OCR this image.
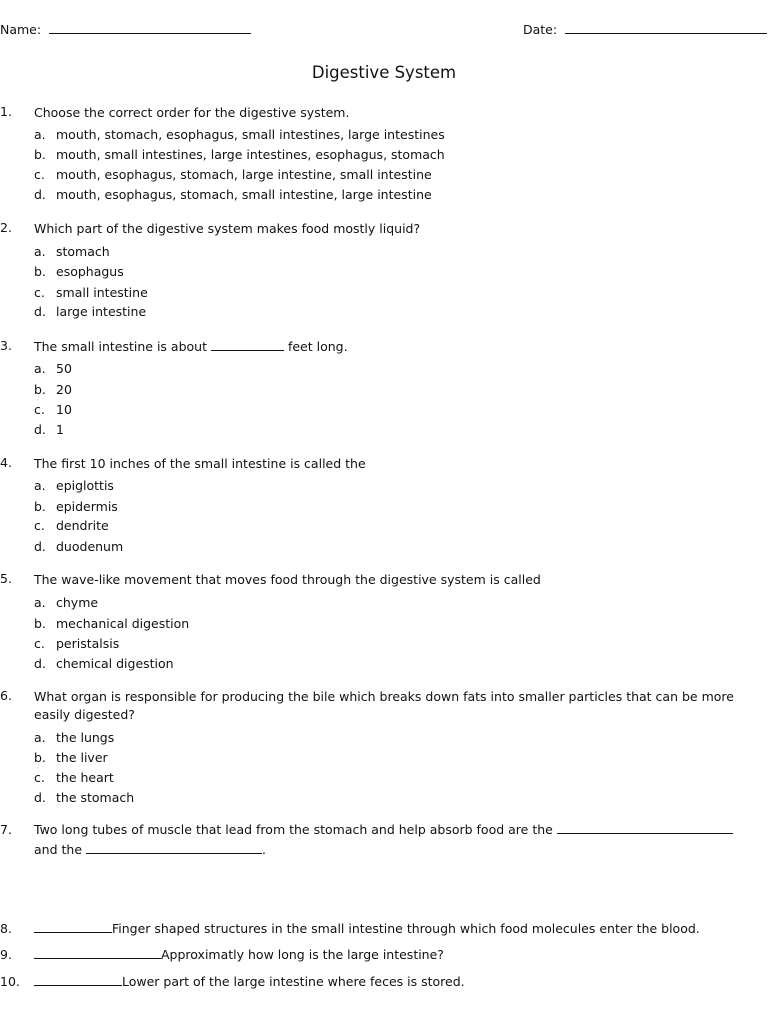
Name:	Date:
Digestive System
1. Choose the correct order for the digestive system.
a. mouth, stomach, esophagus, small intestines, large intestines
b. mouth, small intestines, large intestines, esophagus, stomach
c. mouth, esophagus, stomach, large intestine, small intestine
d. mouth, esophagus, stomach, small intestine, large intestine
2. Which part of the digestive system makes food mostly liquid?
a. stomach
b. esophagus
c. small intestine
d. large intestine
3. The small intestine is about	feet long.
a. 50
b. 20
c. 10
d. 1
4. The first 10 inches of the small intestine is called the
a. epiglottis
b. epidermis
c. dendrite
d. duodenum
5. The wave-like movement that moves food through the digestive system is called
a. chyme
b. mechanical digestion
c. peristalsis
d. chemical digestion
6. What organ is responsible for producing the bile which breaks down fats into smaller particles that can be more easily digested?
a. the lungs
b. the liver
c. the heart
d. the stomach
7. Two long tubes of muscle that lead from the stomach and help absorb food are the
and the	.
8.	Finger shaped structures in the small intestine through which food molecules enter the blood.
9.	Approximatly how long is the large intestine?
10.	Lower part of the large intestine where feces is stored.
